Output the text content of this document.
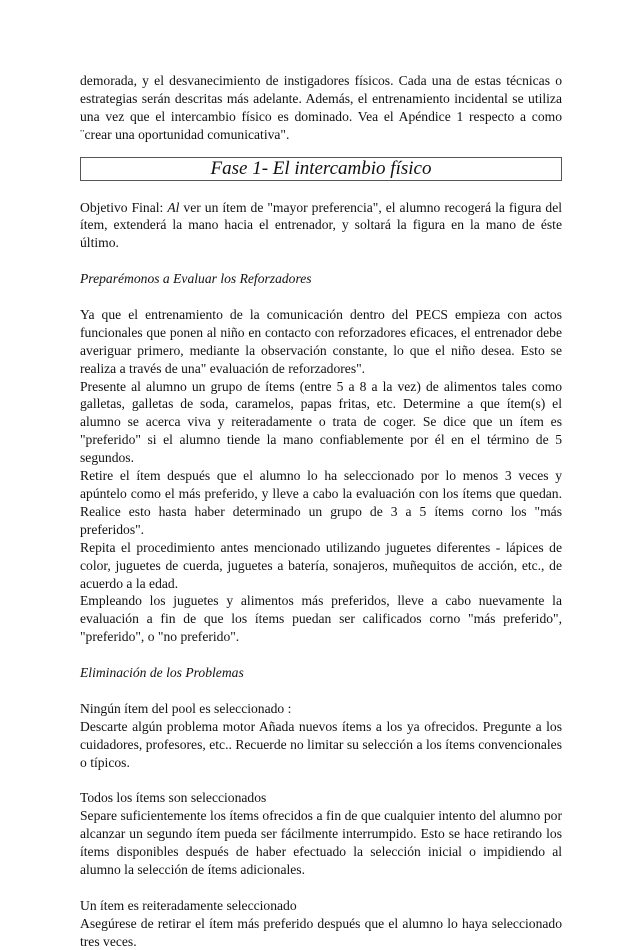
demorada, y el desvanecimiento de instigadores físicos. Cada una de estas técnicas o estrategias serán descritas más adelante. Además, el entrenamiento incidental se utiliza una vez que el intercambio físico es dominado. Vea el Apéndice 1 respecto a como ¨crear una oportunidad comunicativa".

Fase 1- El intercambio físico

Objetivo Final: Al ver un ítem de "mayor preferencia", el alumno recogerá la figura del ítem, extenderá la mano hacia el entrenador, y soltará la figura en la mano de éste último.

Preparémonos a Evaluar los Reforzadores

Ya que el entrenamiento de la comunicación dentro del PECS empieza con actos funcionales que ponen al niño en contacto con reforzadores eficaces, el entrenador debe averiguar primero, mediante la observación constante, lo que el niño desea. Esto se realiza a través de una" evaluación de reforzadores".

Presente al alumno un grupo de ítems (entre 5 a 8 a la vez) de alimentos tales como galletas, galletas de soda, caramelos, papas fritas, etc. Determine a que ítem(s) el alumno se acerca viva y reiteradamente o trata de coger. Se dice que un ítem es "preferido" si el alumno tiende la mano confiablemente por él en el término de 5 segundos.

Retire el ítem después que el alumno lo ha seleccionado por lo menos 3 veces y apúntelo como el más preferido, y lleve a cabo la evaluación con los ítems que quedan. Realice esto hasta haber determinado un grupo de 3 a 5 ítems corno los "más preferidos".

Repita el procedimiento antes mencionado utilizando juguetes diferentes - lápices de color, juguetes de cuerda, juguetes a batería, sonajeros, muñequitos de acción, etc., de acuerdo a la edad.

Empleando los juguetes y alimentos más preferidos, lleve a cabo nuevamente la evaluación a fin de que los ítems puedan ser calificados corno "más preferido", "preferido", o "no preferido".

Eliminación de los Problemas

Ningún ítem del pool es seleccionado :

Descarte algún problema motor Añada nuevos ítems a los ya ofrecidos. Pregunte a los cuidadores, profesores, etc.. Recuerde no limitar su selección a los ítems convencionales o típicos.

Todos los ítems son seleccionados

Separe suficientemente los ítems ofrecidos a fin de que cualquier intento del alumno por alcanzar un segundo ítem pueda ser fácilmente interrumpido. Esto se hace retirando los ítems disponibles después de haber efectuado la selección inicial o impidiendo al alumno la selección de ítems adicionales.

Un ítem es reiteradamente seleccionado

Asegúrese de retirar el ítem más preferido después que el alumno lo haya seleccionado tres veces.
